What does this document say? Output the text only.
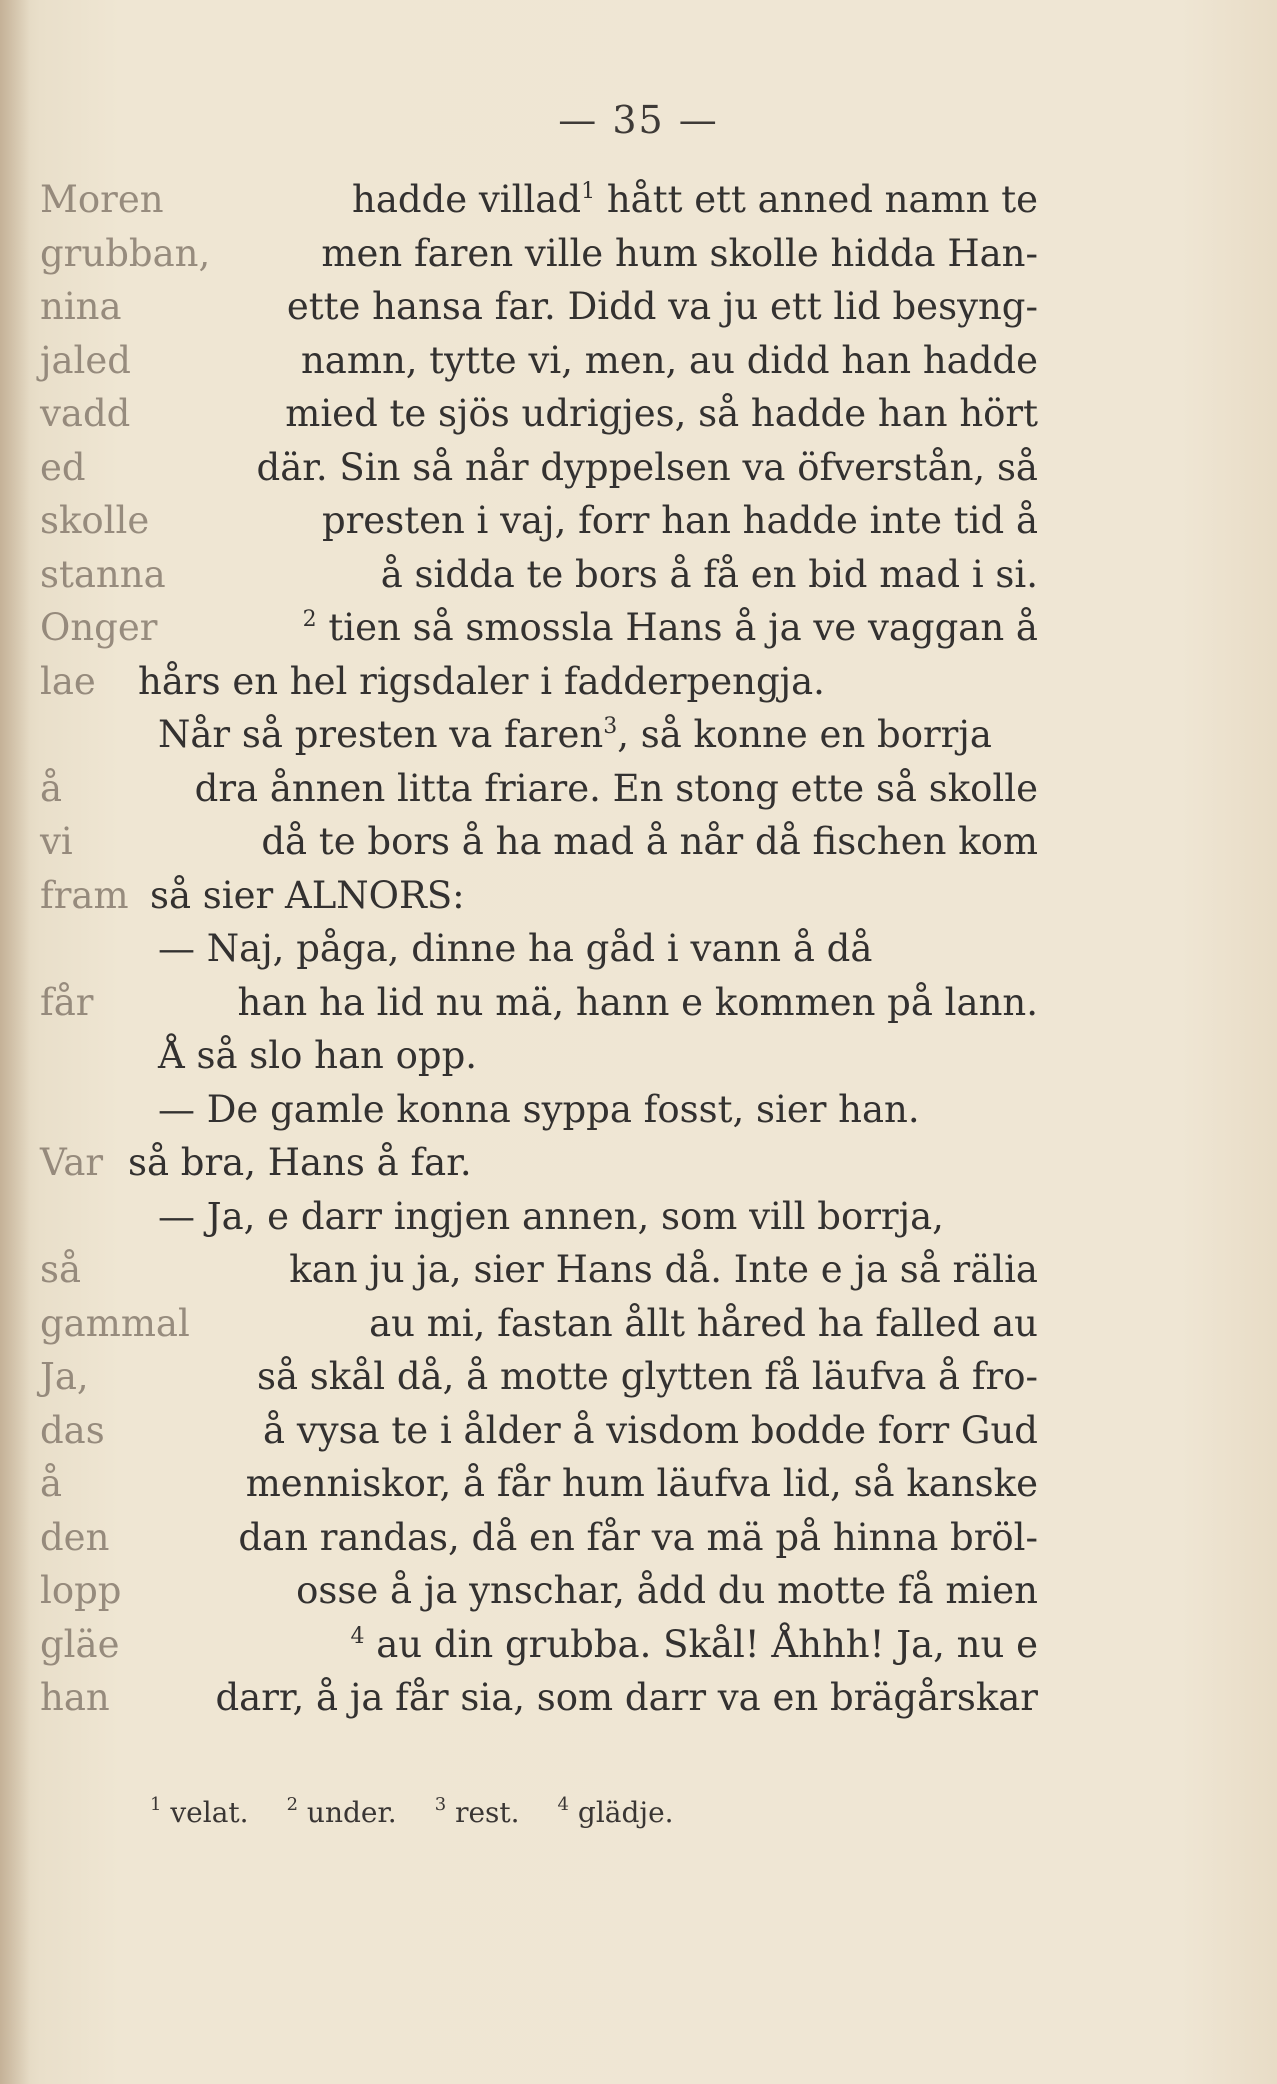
— 35 —
Moren	hadde villad$^1$ hått ett anned namn te
grubban,	men faren ville hum skolle hidda Han-
nina	ette hansa far. Didd va ju ett lid besyng-
jaled	namn, tytte vi, men, au didd han hadde
vadd	mied te sjös udrigjes, så hadde han hört
ed	där. Sin så når dyppelsen va öfverstån, så
skolle	presten i vaj, forr han hadde inte tid å
stanna	å sidda te bors å få en bid mad i si.
Onger	$^2$ tien så smossla Hans å ja ve vaggan å
lae hårs en hel rigsdaler i fadderpengja.
Når så presten va faren$^3$, så konne en borrja
å	dra ånnen litta friare. En stong ette så skolle
vi	då te bors å ha mad å når då fischen kom
fram så sier ALNORS:
— Naj, påga, dinne ha gåd i vann å då
får	han ha lid nu mä, hann e kommen på lann.
Å så slo han opp.
— De gamle konna syppa fosst, sier han.
Var så bra, Hans å far.
— Ja, e darr ingjen annen, som vill borrja,
så	kan ju ja, sier Hans då. Inte e ja så rälia
gammal	au mi, fastan ållt håred ha falled au
Ja,	så skål då, å motte glytten få läufva å fro-
das	å vysa te i ålder å visdom bodde forr Gud
å	menniskor, å får hum läufva lid, så kanske
den	dan randas, då en får va mä på hinna bröl-
lopp	osse å ja ynschar, ådd du motte få mien
gläe	$^4$ au din grubba. Skål! Åhhh! Ja, nu e
han	darr, å ja får sia, som darr va en brägårskar
$^1$ velat. $^2$ under. $^3$ rest. $^4$ glädje.
